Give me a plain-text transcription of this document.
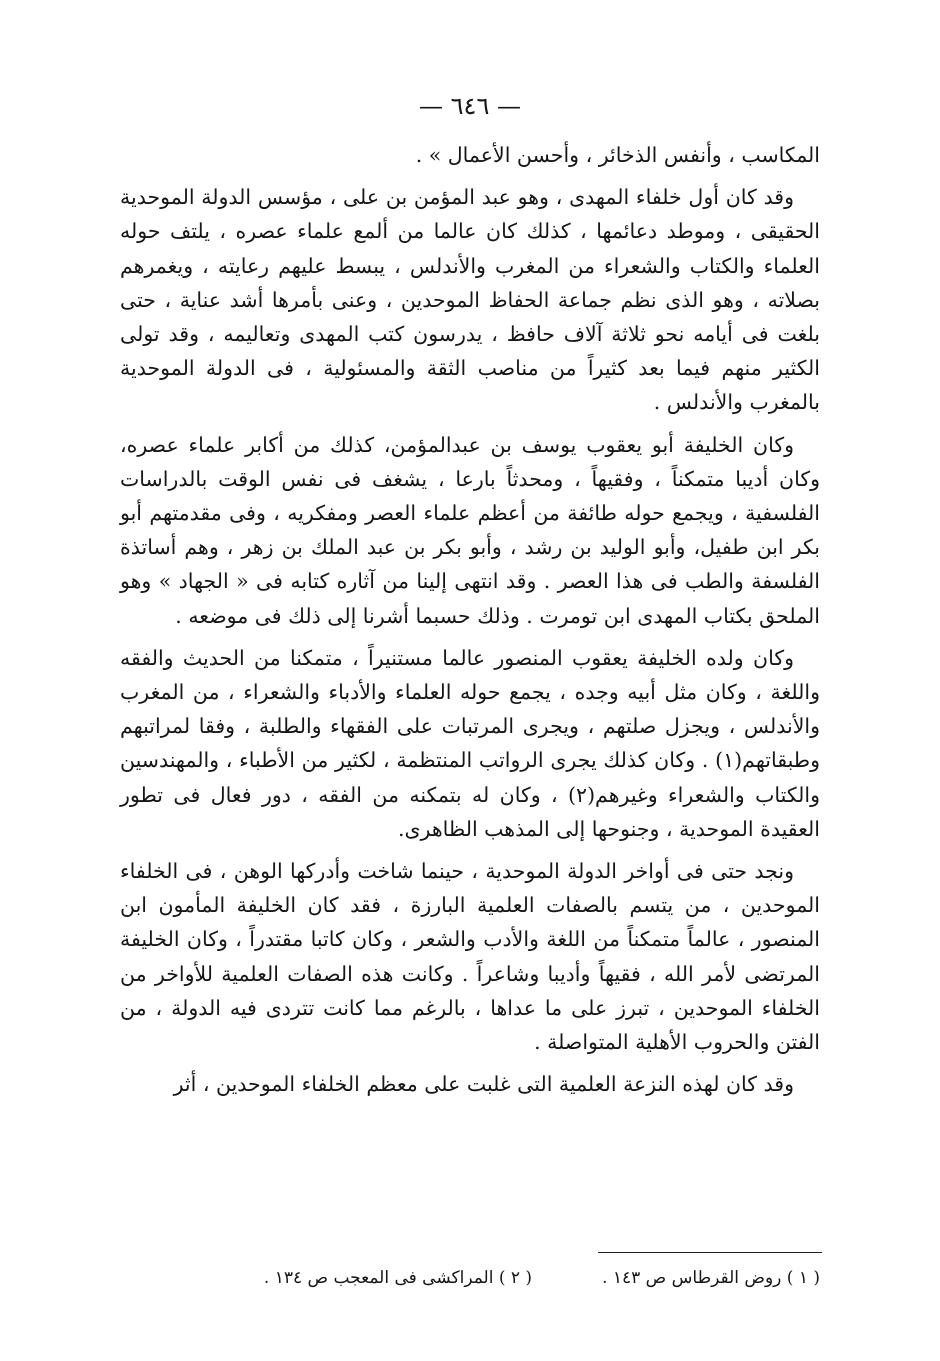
— ٦٤٦ —

المكاسب ، وأنفس الذخائر ، وأحسن الأعمال » .

وقد كان أول خلفاء المهدى ، وهو عبد المؤمن بن على ، مؤسس الدولة الموحدية الحقيقى ، وموطد دعائمها ، كذلك كان عالما من ألمع علماء عصره ، يلتف حوله العلماء والكتاب والشعراء من المغرب والأندلس ، يبسط عليهم رعايته ، ويغمرهم بصلاته ، وهو الذى نظم جماعة الحفاظ الموحدين ، وعنى بأمرها أشد عناية ، حتى بلغت فى أيامه نحو ثلاثة آلاف حافظ ، يدرسون كتب المهدى وتعاليمه ، وقد تولى الكثير منهم فيما بعد كثيراً من مناصب الثقة والمسئولية ، فى الدولة الموحدية بالمغرب والأندلس .

وكان الخليفة أبو يعقوب يوسف بن عبدالمؤمن، كذلك من أكابر علماء عصره، وكان أديبا متمكناً ، وفقيهاً ، ومحدثاً بارعا ، يشغف فى نفس الوقت بالدراسات الفلسفية ، ويجمع حوله طائفة من أعظم علماء العصر ومفكريه ، وفى مقدمتهم أبو بكر ابن طفيل، وأبو الوليد بن رشد ، وأبو بكر بن عبد الملك بن زهر ، وهم أساتذة الفلسفة والطب فى هذا العصر . وقد انتهى إلينا من آثاره كتابه فى « الجهاد » وهو الملحق بكتاب المهدى ابن تومرت . وذلك حسبما أشرنا إلى ذلك فى موضعه .

وكان ولده الخليفة يعقوب المنصور عالما مستنيراً ، متمكنا من الحديث والفقه واللغة ، وكان مثل أبيه وجده ، يجمع حوله العلماء والأدباء والشعراء ، من المغرب والأندلس ، ويجزل صلتهم ، ويجرى المرتبات على الفقهاء والطلبة ، وفقا لمراتبهم وطبقاتهم(١) . وكان كذلك يجرى الرواتب المنتظمة ، لكثير من الأطباء ، والمهندسين والكتاب والشعراء وغيرهم(٢) ، وكان له بتمكنه من الفقه ، دور فعال فى تطور العقيدة الموحدية ، وجنوحها إلى المذهب الظاهرى.

ونجد حتى فى أواخر الدولة الموحدية ، حينما شاخت وأدركها الوهن ، فى الخلفاء الموحدين ، من يتسم بالصفات العلمية البارزة ، فقد كان الخليفة المأمون ابن المنصور ، عالماً متمكناً من اللغة والأدب والشعر ، وكان كاتبا مقتدراً ، وكان الخليفة المرتضى لأمر الله ، فقيهاً وأديبا وشاعراً . وكانت هذه الصفات العلمية للأواخر من الخلفاء الموحدين ، تبرز على ما عداها ، بالرغم مما كانت تتردى فيه الدولة ، من الفتن والحروب الأهلية المتواصلة .

وقد كان لهذه النزعة العلمية التى غلبت على معظم الخلفاء الموحدين ، أثر

( ١ ) روض القرطاس ص ١٤٣ .
( ٢ ) المراكشى فى المعجب ص ١٣٤ .
